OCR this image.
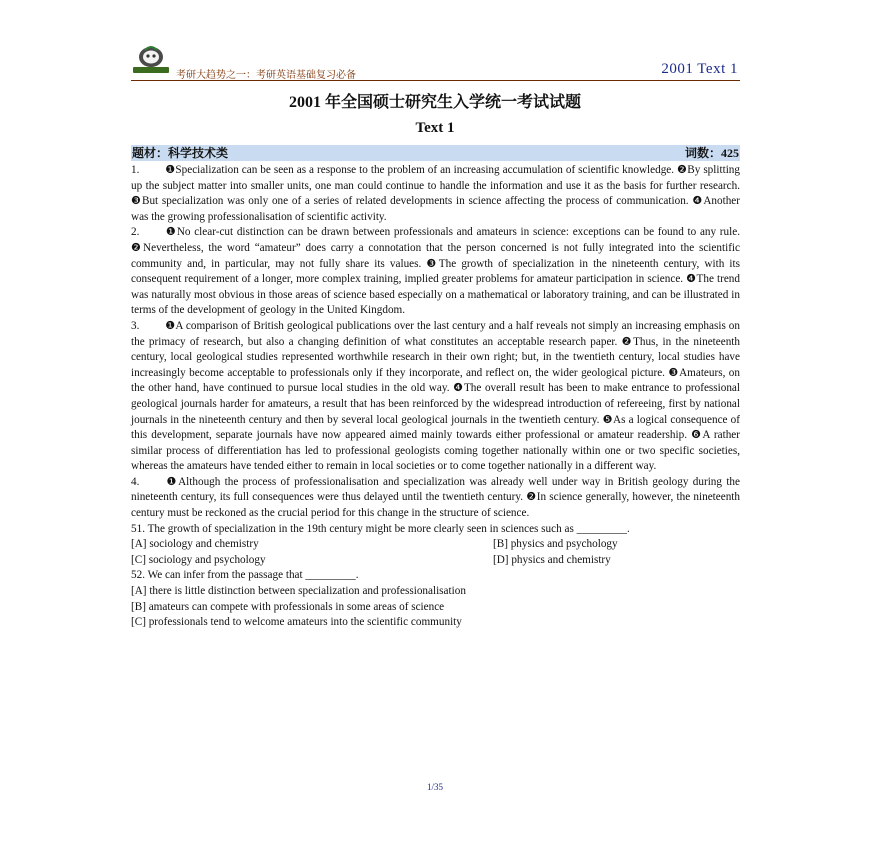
考研大趋势之一：考研英语基础复习必备	2001 Text 1
2001 年全国硕士研究生入学统一考试试题
Text 1
题材：科学技术类	词数：425

1. ❶Specialization can be seen as a response to the problem of an increasing accumulation of scientific knowledge. ❷By splitting up the subject matter into smaller units, one man could continue to handle the information and use it as the basis for further research. ❸But specialization was only one of a series of related developments in science affecting the process of communication. ❹Another was the growing professionalisation of scientific activity.

2. ❶No clear-cut distinction can be drawn between professionals and amateurs in science: exceptions can be found to any rule. ❷Nevertheless, the word “amateur” does carry a connotation that the person concerned is not fully integrated into the scientific community and, in particular, may not fully share its values. ❸The growth of specialization in the nineteenth century, with its consequent requirement of a longer, more complex training, implied greater problems for amateur participation in science. ❹The trend was naturally most obvious in those areas of science based especially on a mathematical or laboratory training, and can be illustrated in terms of the development of geology in the United Kingdom.

3. ❶A comparison of British geological publications over the last century and a half reveals not simply an increasing emphasis on the primacy of research, but also a changing definition of what constitutes an acceptable research paper. ❷Thus, in the nineteenth century, local geological studies represented worthwhile research in their own right; but, in the twentieth century, local studies have increasingly become acceptable to professionals only if they incorporate, and reflect on, the wider geological picture. ❸Amateurs, on the other hand, have continued to pursue local studies in the old way. ❹The overall result has been to make entrance to professional geological journals harder for amateurs, a result that has been reinforced by the widespread introduction of refereeing, first by national journals in the nineteenth century and then by several local geological journals in the twentieth century. ❺As a logical consequence of this development, separate journals have now appeared aimed mainly towards either professional or amateur readership. ❻A rather similar process of differentiation has led to professional geologists coming together nationally within one or two specific societies, whereas the amateurs have tended either to remain in local societies or to come together nationally in a different way.

4. ❶Although the process of professionalisation and specialization was already well under way in British geology during the nineteenth century, its full consequences were thus delayed until the twentieth century. ❷In science generally, however, the nineteenth century must be reckoned as the crucial period for this change in the structure of science.

51. The growth of specialization in the 19th century might be more clearly seen in sciences such as _________.

[A] sociology and chemistry	[B] physics and psychology
[C] sociology and psychology	[D] physics and chemistry

52. We can infer from the passage that _________.

[A] there is little distinction between specialization and professionalisation

[B] amateurs can compete with professionals in some areas of science

[C] professionals tend to welcome amateurs into the scientific community

1/35
